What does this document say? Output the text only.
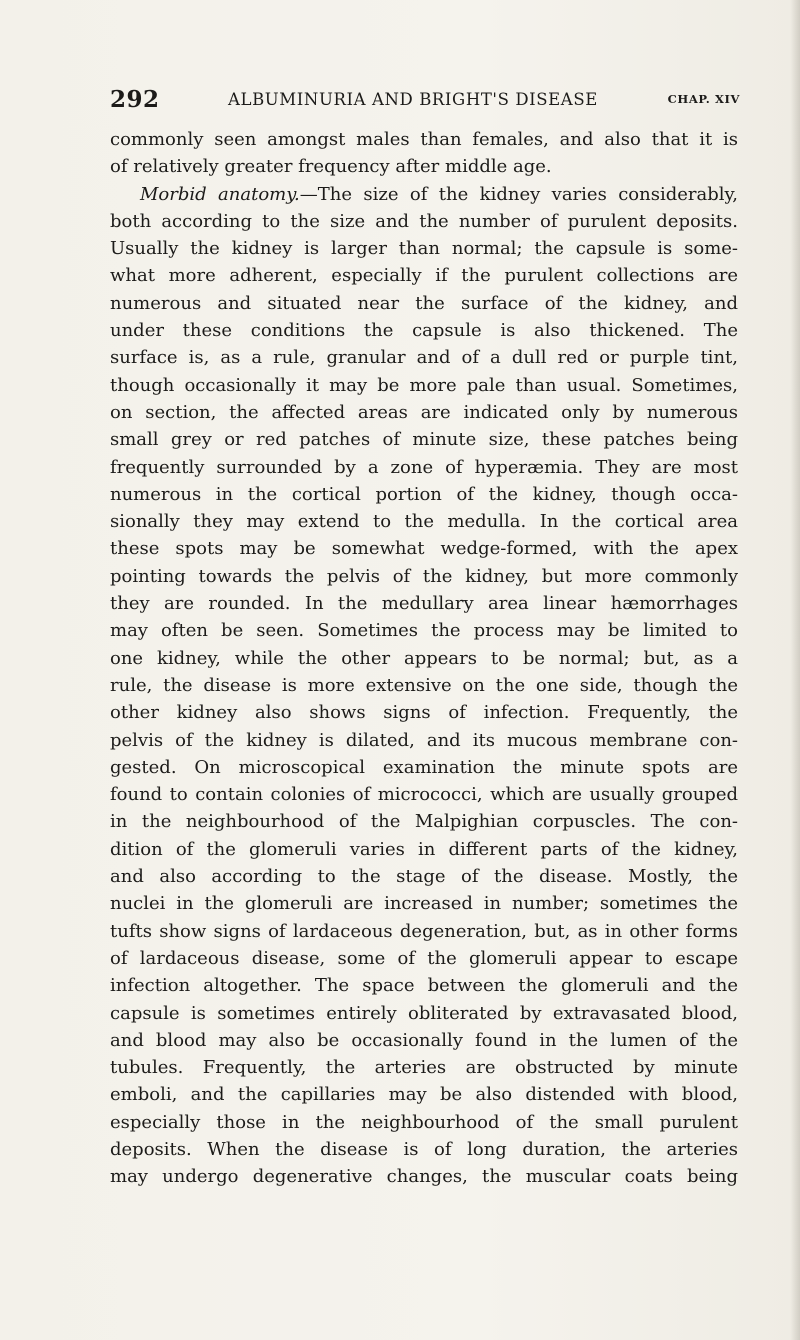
292	ALBUMINURIA AND BRIGHT'S DISEASE	CHAP. XIV
commonly seen amongst males than females, and also that it is
of relatively greater frequency after middle age.
Morbid anatomy.—The size of the kidney varies considerably,
both according to the size and the number of purulent deposits.
Usually the kidney is larger than normal; the capsule is some-
what more adherent, especially if the purulent collections are
numerous and situated near the surface of the kidney, and
under these conditions the capsule is also thickened. The
surface is, as a rule, granular and of a dull red or purple tint,
though occasionally it may be more pale than usual. Sometimes,
on section, the affected areas are indicated only by numerous
small grey or red patches of minute size, these patches being
frequently surrounded by a zone of hyperæmia. They are most
numerous in the cortical portion of the kidney, though occa-
sionally they may extend to the medulla. In the cortical area
these spots may be somewhat wedge-formed, with the apex
pointing towards the pelvis of the kidney, but more commonly
they are rounded. In the medullary area linear hæmorrhages
may often be seen. Sometimes the process may be limited to
one kidney, while the other appears to be normal; but, as a
rule, the disease is more extensive on the one side, though the
other kidney also shows signs of infection. Frequently, the
pelvis of the kidney is dilated, and its mucous membrane con-
gested. On microscopical examination the minute spots are
found to contain colonies of micrococci, which are usually grouped
in the neighbourhood of the Malpighian corpuscles. The con-
dition of the glomeruli varies in different parts of the kidney,
and also according to the stage of the disease. Mostly, the
nuclei in the glomeruli are increased in number; sometimes the
tufts show signs of lardaceous degeneration, but, as in other forms
of lardaceous disease, some of the glomeruli appear to escape
infection altogether. The space between the glomeruli and the
capsule is sometimes entirely obliterated by extravasated blood,
and blood may also be occasionally found in the lumen of the
tubules. Frequently, the arteries are obstructed by minute
emboli, and the capillaries may be also distended with blood,
especially those in the neighbourhood of the small purulent
deposits. When the disease is of long duration, the arteries
may undergo degenerative changes, the muscular coats being
